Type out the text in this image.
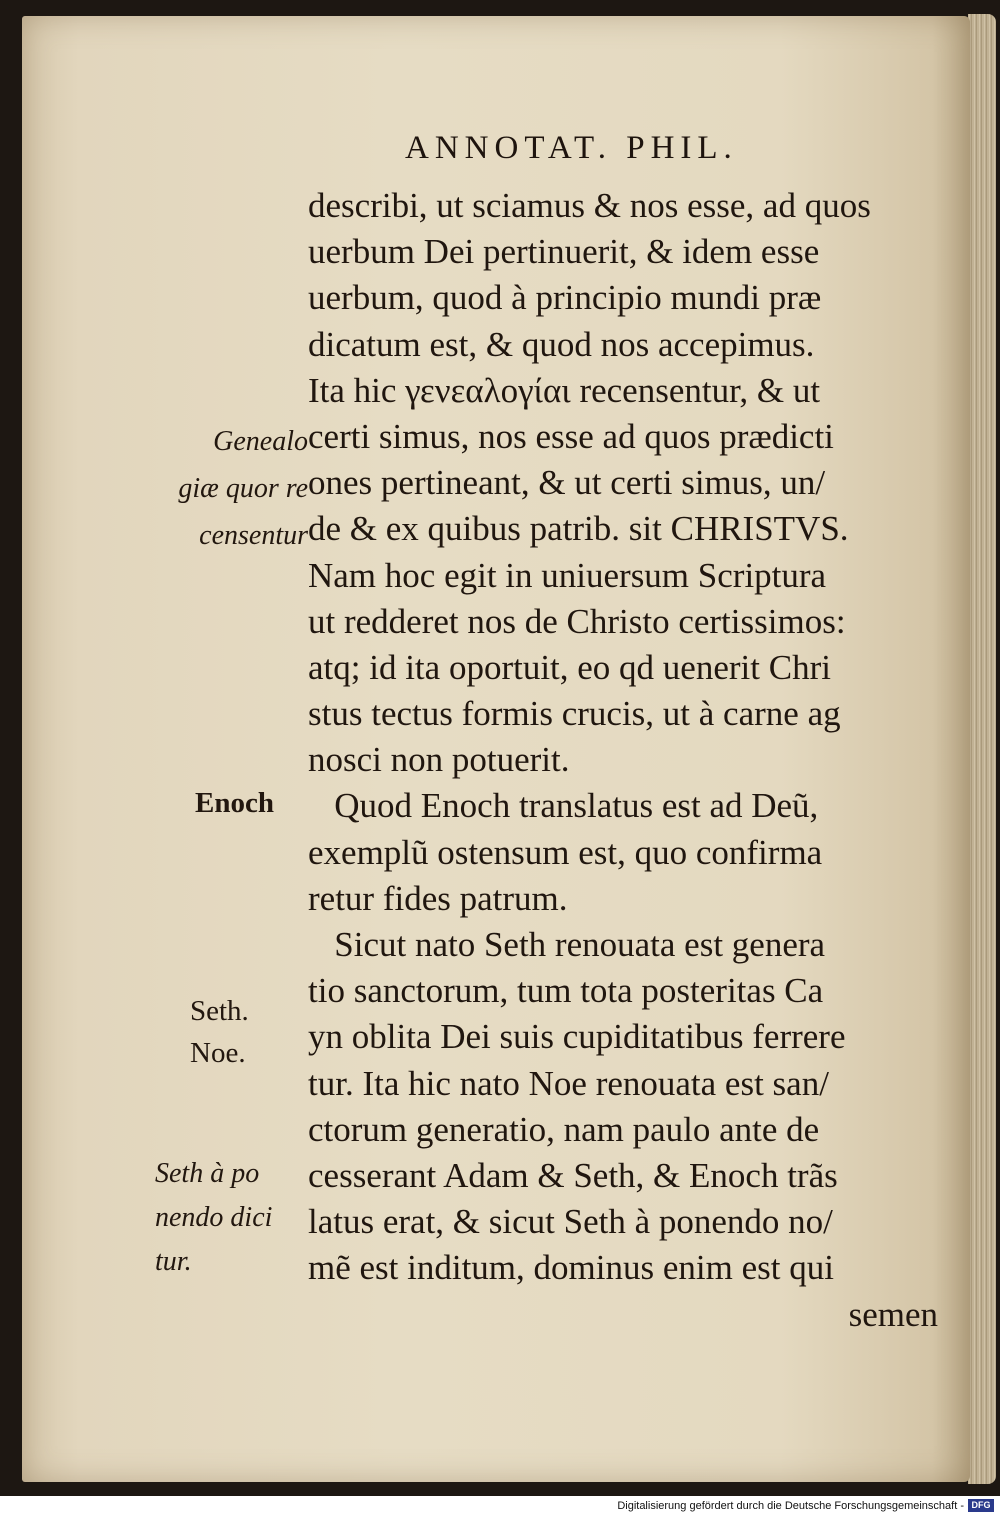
ANNOTAT. PHIL.
describi, ut sciamus & nos esse, ad quos
uerbum Dei pertinuerit, & idem esse
uerbum, quod à principio mundi præ
dicatum est, & quod nos accepimus.
Ita hic γενεαλογίαι recensentur, & ut
certi simus, nos esse ad quos prædicti
ones pertineant, & ut certi simus, un/
de & ex quibus patrib. sit CHRISTVS.
Nam hoc egit in uniuersum Scriptura
ut redderet nos de Christo certissimos:
atq; id ita oportuit, eo qd uenerit Chri
stus tectus formis crucis, ut à carne ag
nosci non potuerit.
Quod Enoch translatus est ad Deũ,
exemplũ ostensum est, quo confirma
retur fides patrum.
Sicut nato Seth renouata est genera
tio sanctorum, tum tota posteritas Ca
yn oblita Dei suis cupiditatibus ferrere
tur. Ita hic nato Noe renouata est san/
ctorum generatio, nam paulo ante de
cesserant Adam & Seth, & Enoch trãs
latus erat, & sicut Seth à ponendo no/
mẽ est inditum, dominus enim est qui
semen
Genealo
giæ quor re
censentur
Enoch
Seth.
Noe.
Seth à po
nendo dici
tur.
Digitalisierung gefördert durch die Deutsche Forschungsgemeinschaft - DFG
